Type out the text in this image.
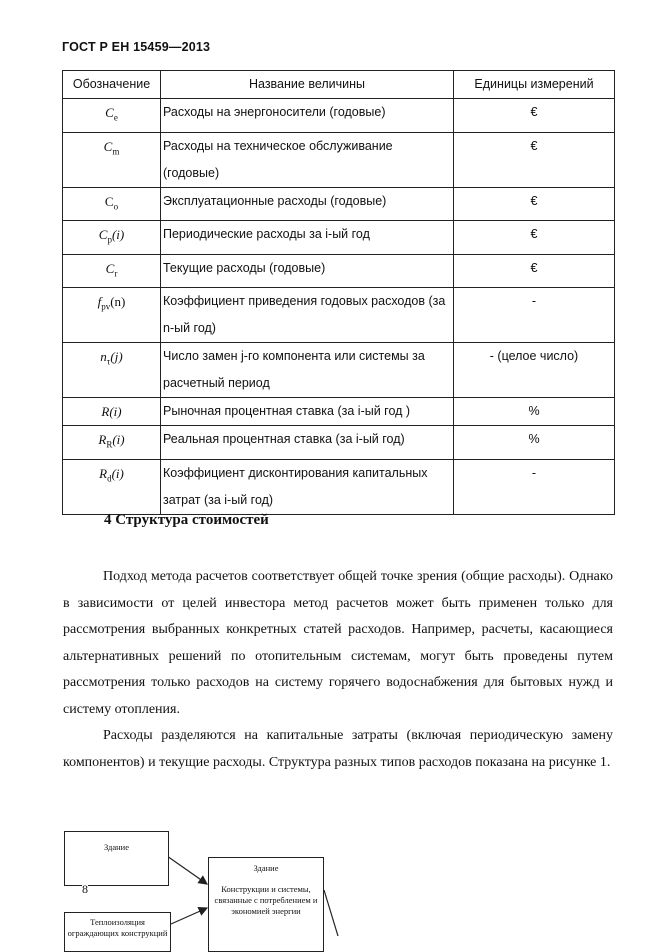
ГОСТ Р ЕН 15459—2013
Обозначение	Название величины	Единицы измерений
$C_e$	Расходы на энергоносители (годовые)	€
$C_m$	Расходы на техническое обслуживание (годовые)	€
$C_o$	Эксплуатационные расходы (годовые)	€
$C_p(i)$	Периодические расходы за i-ый год	€
$C_r$	Текущие расходы (годовые)	€
$f_{pv}(n)$	Коэффициент приведения годовых расходов (за n-ый год)	-
$n_\tau(j)$	Число замен j-го компонента или системы за расчетный период	- (целое число)
R(i)	Рыночная процентная ставка (за i-ый год )	%
$R_R(i)$	Реальная процентная ставка (за i-ый год)	%
$R_d(i)$	Коэффициент дисконтирования капитальных затрат (за i-ый год)	-
4 Структура стоимостей

Подход метода расчетов соответствует общей точке зрения (общие расходы). Однако в зависимости от целей инвестора метод расчетов может быть применен только для рассмотрения выбранных конкретных статей расходов. Например, расчеты, касающиеся альтернативных решений по отопительным системам, могут быть проведены путем рассмотрения только расходов на систему горячего водоснабжения для бытовых нужд и систему отопления.

Расходы разделяются на капитальные затраты (включая периодическую замену компонентов) и текущие расходы. Структура разных типов расходов показана на рисунке 1.

Здание
Теплоизоляция ограждающих конструкций
Здание
Конструкции и системы, связанные с потреблением и экономией энергии
8
